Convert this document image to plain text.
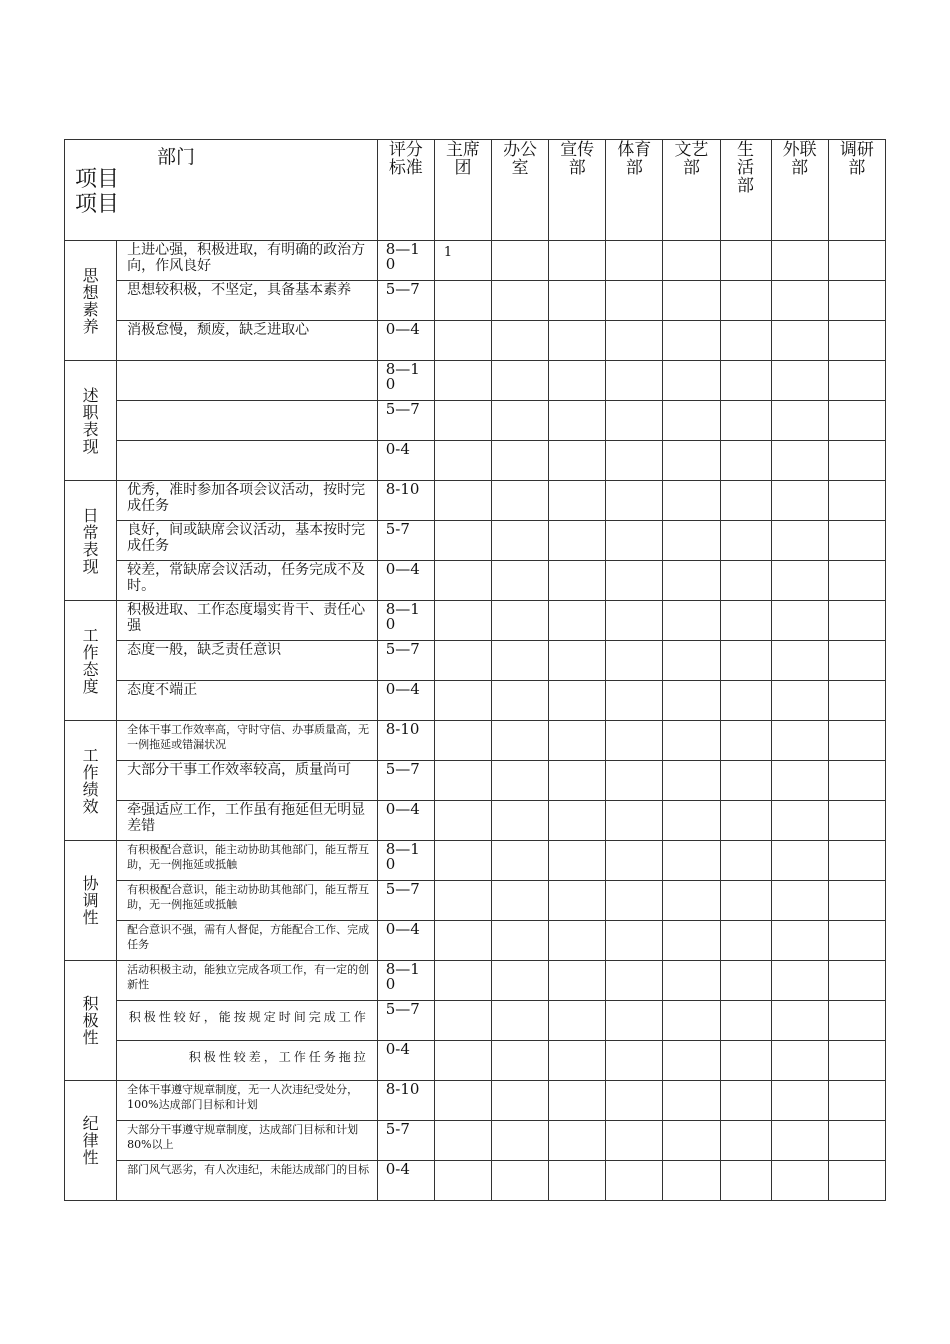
部门
项目
项目		评分标准	主席团	办公室	宣传部	体育部	文艺部	生活部	外联部	调研部

思想素养	上进心强，积极进取，有明确的政治方向，作风良好	8—10	1							
	思想较积极，不坚定，具备基本素养	5—7								
	消极怠慢，颓废，缺乏进取心	0—4								
述职表现		8—10								
		5—7								
		0-4								
日常表现	优秀，准时参加各项会议活动，按时完成任务	8-10								
	良好，间或缺席会议活动，基本按时完成任务	5-7								
	较差，常缺席会议活动，任务完成不及时。	0—4								
工作态度	积极进取、工作态度塌实肯干、责任心强	8—10								
	态度一般，缺乏责任意识	5—7								
	态度不端正	0—4								
工作绩效	全体干事工作效率高，守时守信、办事质量高，无一例拖延或错漏状况	8-10								
	大部分干事工作效率较高，质量尚可	5—7								
	牵强适应工作，工作虽有拖延但无明显差错	0—4								
协调性	有积极配合意识，能主动协助其他部门，能互帮互助，无一例拖延或抵触	8—10								
	有积极配合意识，能主动协助其他部门，能互帮互助，无一例拖延或抵触	5—7								
	配合意识不强，需有人督促，方能配合工作、完成任务	0—4								
积极性	活动积极主动，能独立完成各项工作，有一定的创新性	8—10								
	积极性较好，能按规定时间完成工作	5—7								
	积极性较差，工作任务拖拉	0-4								
纪律性	全体干事遵守规章制度，无一人次违纪受处分，100%达成部门目标和计划	8-10								
	大部分干事遵守规章制度，达成部门目标和计划80%以上	5-7								
	部门风气恶劣，有人次违纪，未能达成部门的目标	0-4								
